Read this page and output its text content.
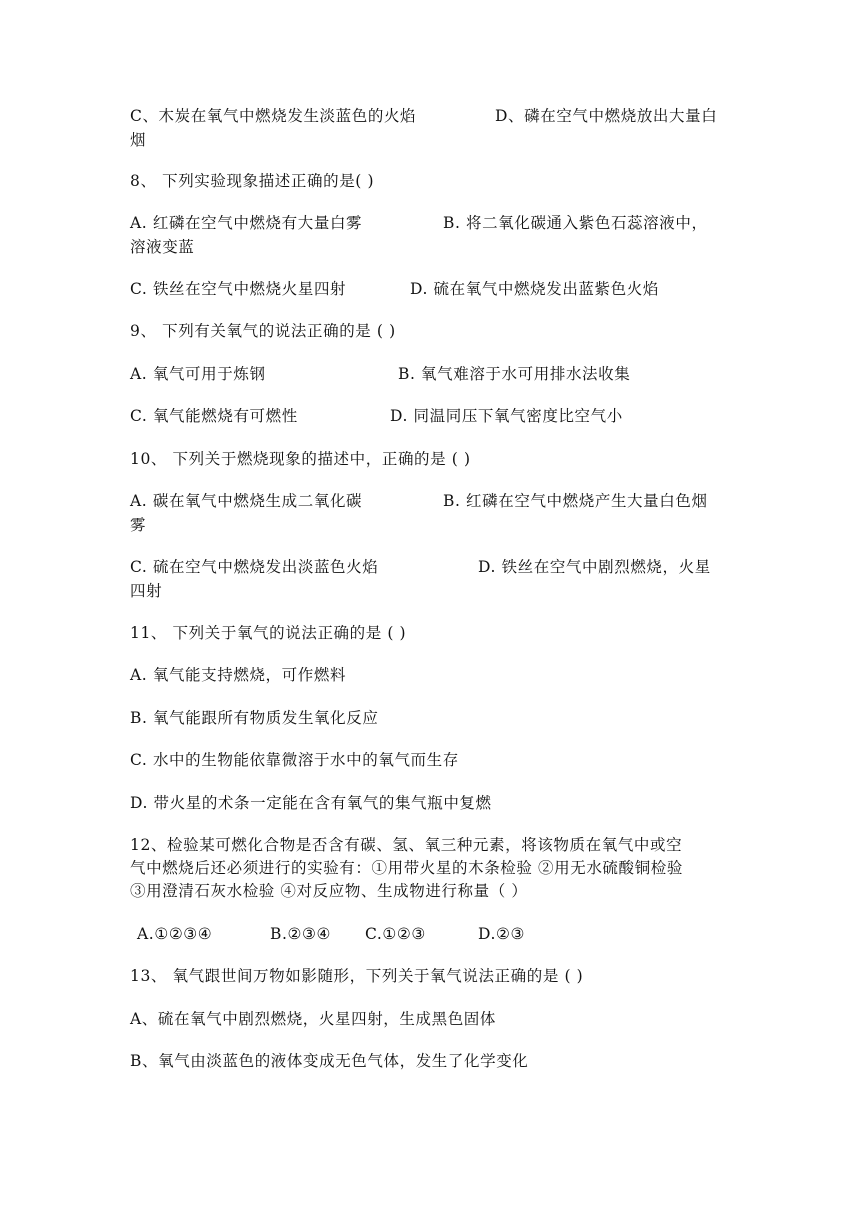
C、木炭在氧气中燃烧发生淡蓝色的火焰	D、磷在空气中燃烧放出大量白
烟
8、 下列实验现象描述正确的是( )
A. 红磷在空气中燃烧有大量白雾	B. 将二氧化碳通入紫色石蕊溶液中，
溶液变蓝
C. 铁丝在空气中燃烧火星四射	D. 硫在氧气中燃烧发出蓝紫色火焰
9、 下列有关氧气的说法正确的是 ( )
A. 氧气可用于炼钢	B. 氧气难溶于水可用排水法收集
C. 氧气能燃烧有可燃性	D. 同温同压下氧气密度比空气小
10、 下列关于燃烧现象的描述中，正确的是 ( )
A. 碳在氧气中燃烧生成二氧化碳	B. 红磷在空气中燃烧产生大量白色烟
雾
C. 硫在空气中燃烧发出淡蓝色火焰	D. 铁丝在空气中剧烈燃烧，火星
四射
11、 下列关于氧气的说法正确的是 ( )
A. 氧气能支持燃烧，可作燃料
B. 氧气能跟所有物质发生氧化反应
C. 水中的生物能依靠微溶于水中的氧气而生存
D. 带火星的术条一定能在含有氧气的集气瓶中复燃
12、检验某可燃化合物是否含有碳、氢、氧三种元素，将该物质在氧气中或空
气中燃烧后还必须进行的实验有：①用带火星的木条检验 ②用无水硫酸铜检验
③用澄清石灰水检验 ④对反应物、生成物进行称量（ ）
A.①②③④	B.②③④ C.①②③	D.②③
13、 氧气跟世间万物如影随形，下列关于氧气说法正确的是 ( )
A、硫在氧气中剧烈燃烧，火星四射，生成黑色固体
B、氧气由淡蓝色的液体变成无色气体，发生了化学变化
